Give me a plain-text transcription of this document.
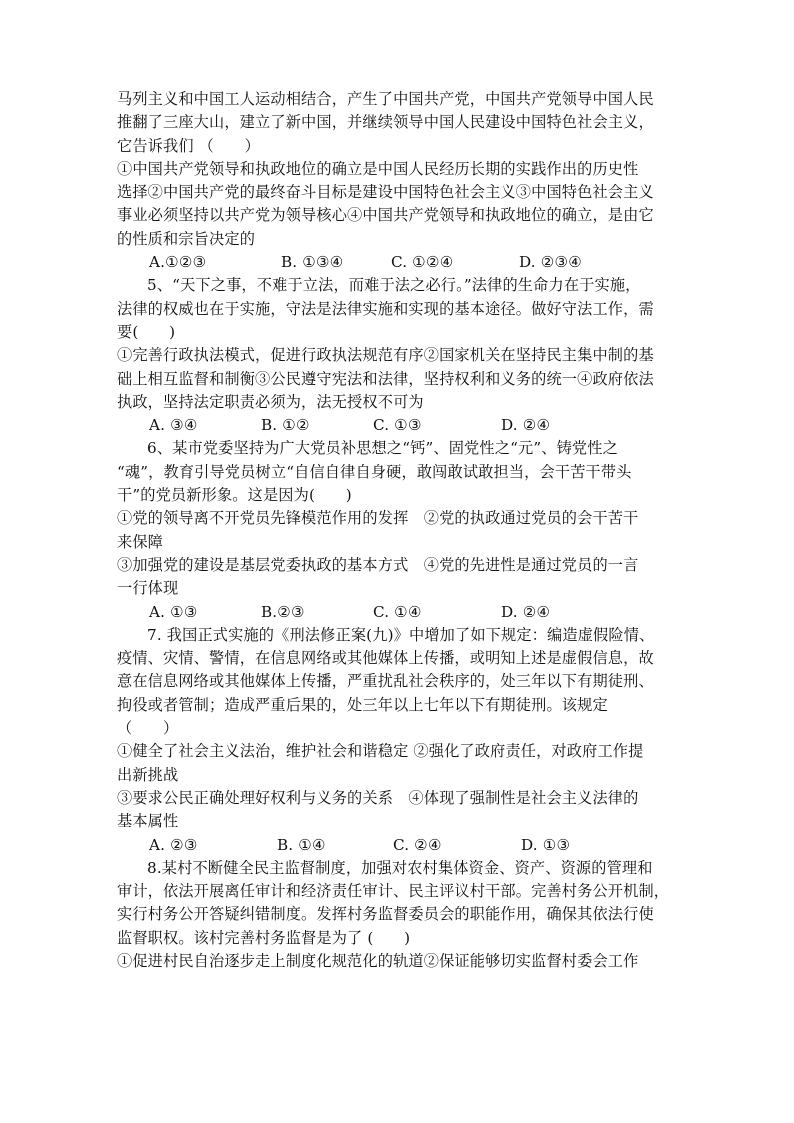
马列主义和中国工人运动相结合，产生了中国共产党，中国共产党领导中国人民
推翻了三座大山，建立了新中国，并继续领导中国人民建设中国特色社会主义，
它告诉我们 （　　）
①中国共产党领导和执政地位的确立是中国人民经历长期的实践作出的历史性
选择②中国共产党的最终奋斗目标是建设中国特色社会主义③中国特色社会主义
事业必须坚持以共产党为领导核心④中国共产党领导和执政地位的确立，是由它
的性质和宗旨决定的
A.①②③	B. ①③④	C. ①②④	D. ②③④
5、“天下之事，不难于立法，而难于法之必行。”法律的生命力在于实施，
法律的权威也在于实施，守法是法律实施和实现的基本途径。做好守法工作，需
要(　　)
①完善行政执法模式，促进行政执法规范有序②国家机关在坚持民主集中制的基
础上相互监督和制衡③公民遵守宪法和法律，坚持权利和义务的统一④政府依法
执政，坚持法定职责必须为，法无授权不可为
A. ③④	B. ①②	C. ①③	D. ②④
6、某市党委坚持为广大党员补思想之“钙”、固党性之“元”、铸党性之
“魂”，教育引导党员树立“自信自律自身硬，敢闯敢试敢担当，会干苦干带头
干”的党员新形象。这是因为(　　)
①党的领导离不开党员先锋模范作用的发挥　②党的执政通过党员的会干苦干
来保障
③加强党的建设是基层党委执政的基本方式　④党的先进性是通过党员的一言
一行体现
A. ①③	B.②③	C. ①④	D. ②④
7. 我国正式实施的《刑法修正案(九)》中增加了如下规定：编造虚假险情、
疫情、灾情、警情，在信息网络或其他媒体上传播，或明知上述是虚假信息，故
意在信息网络或其他媒体上传播，严重扰乱社会秩序的，处三年以下有期徒刑、
拘役或者管制；造成严重后果的，处三年以上七年以下有期徒刑。该规定
（　　）
①健全了社会主义法治，维护社会和谐稳定 ②强化了政府责任，对政府工作提
出新挑战
③要求公民正确处理好权利与义务的关系　④体现了强制性是社会主义法律的
基本属性
A. ②③	B. ①④	C. ②④	D. ①③
8.某村不断健全民主监督制度，加强对农村集体资金、资产、资源的管理和
审计，依法开展离任审计和经济责任审计、民主评议村干部。完善村务公开机制，
实行村务公开答疑纠错制度。发挥村务监督委员会的职能作用，确保其依法行使
监督职权。该村完善村务监督是为了 (　　)
①促进村民自治逐步走上制度化规范化的轨道②保证能够切实监督村委会工作
